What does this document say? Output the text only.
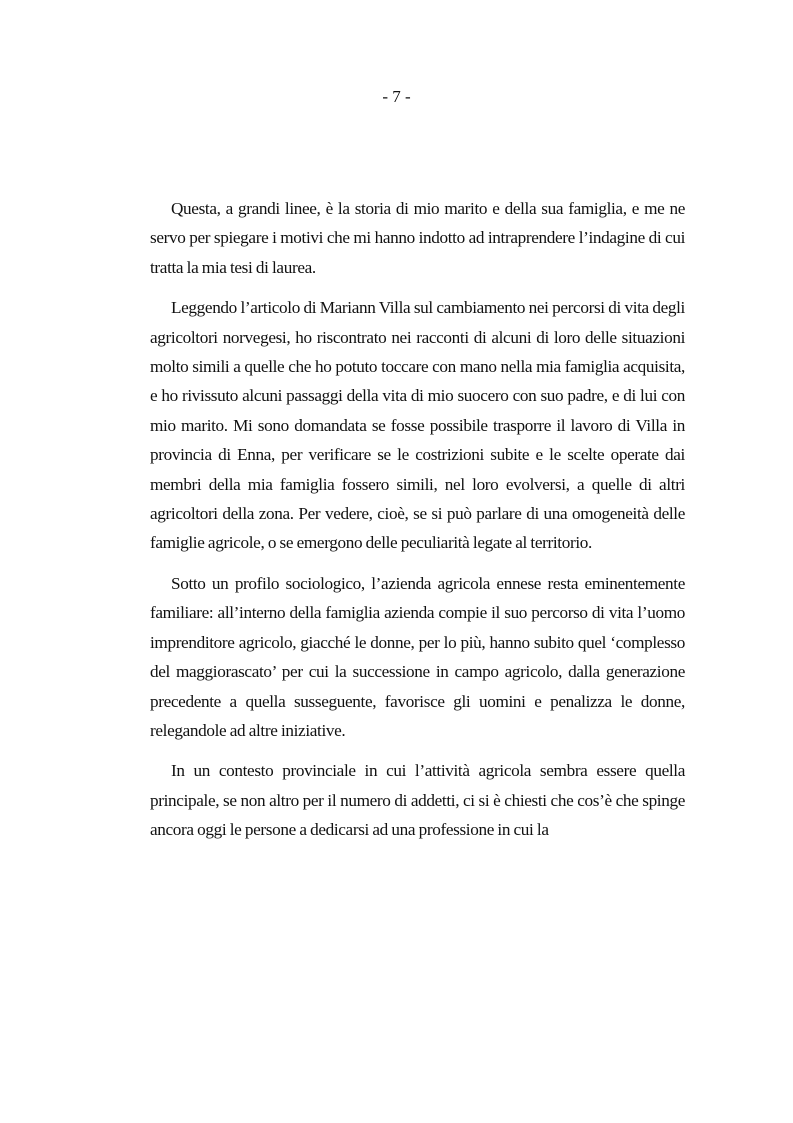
- 7 -

Questa, a grandi linee, è la storia di mio marito e della sua famiglia, e me ne servo per spiegare i motivi che mi hanno indotto ad intraprendere l’indagine di cui tratta la mia tesi di laurea.

Leggendo l’articolo di Mariann Villa sul cambiamento nei percorsi di vita degli agricoltori norvegesi, ho riscontrato nei racconti di alcuni di loro delle situazioni molto simili a quelle che ho potuto toccare con mano nella mia famiglia acquisita, e ho rivissuto alcuni passaggi della vita di mio suocero con suo padre, e di lui con mio marito. Mi sono domandata se fosse possibile trasporre il lavoro di Villa in provincia di Enna, per verificare se le costrizioni subite e le scelte operate dai membri della mia famiglia fossero simili, nel loro evolversi, a quelle di altri agricoltori della zona. Per vedere, cioè, se si può parlare di una omogeneità delle famiglie agricole, o se emergono delle peculiarità legate al territorio.

Sotto un profilo sociologico, l’azienda agricola ennese resta eminentemente familiare: all’interno della famiglia azienda compie il suo percorso di vita l’uomo imprenditore agricolo, giacché le donne, per lo più, hanno subito quel ‘complesso del maggiorascato’ per cui la successione in campo agricolo, dalla generazione precedente a quella susseguente, favorisce gli uomini e penalizza le donne, relegandole ad altre iniziative.

In un contesto provinciale in cui l’attività agricola sembra essere quella principale, se non altro per il numero di addetti, ci si è chiesti che cos’è che spinge ancora oggi le persone a dedicarsi ad una professione in cui la
